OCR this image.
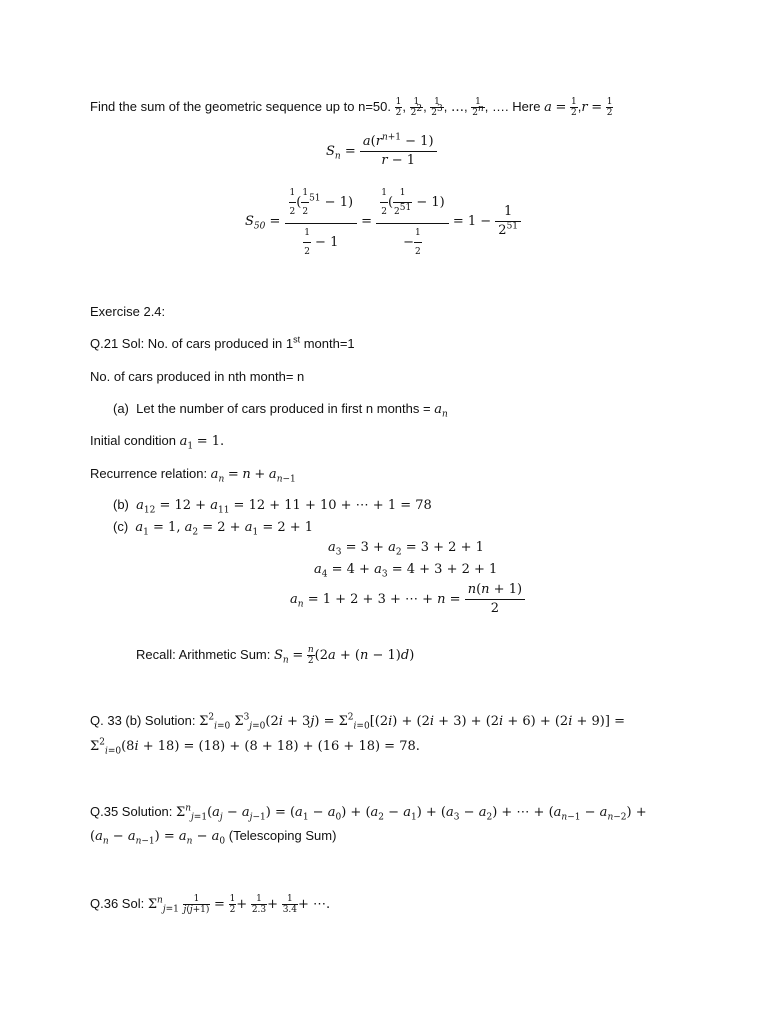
Find the sum of the geometric sequence up to n=50. $\frac{1}{2}$ , $\frac{1}{2^2}$ , $\frac{1}{2^3}$ , …, $\frac{1}{2^n}$ , …. Here $a = \frac{1}{2} ,r = \frac{1}{2}$
$S_n = \frac{a(r^{n+1} - 1)}{r - 1}$
$S_{50} = \frac{\frac{1}{2} ( \frac{1}{2} ^{51} - 1)}{\frac{1}{2} - 1} = \frac{\frac{1}{2} ( \frac{1}{2^{51}} - 1)}{- \frac{1}{2}} = 1 - \frac{1}{2^{51}}$
Exercise 2.4:
Q.21 Sol: No. of cars produced in 1st month=1
No. of cars produced in nth month= n
(a)  Let the number of cars produced in first n months = $a_n$
Initial condition $a_1 = 1$.
Recurrence relation: $a_n = n + a_{n-1}$
(b)  $a_{12} = 12 + a_{11} = 12 + 11 + 10$ + ⋯ + 1 = 78
(c)  $a_1 = 1$, $a_2 = 2 + a_1 = 2 + 1$
$a_3 = 3 + a_2 = 3 + 2 + 1$
$a_4 = 4 + a_3 = 4 + 3 + 2 + 1$
$a_n = 1 + 2 + 3$ + ⋯ + $n = \frac{n(n + 1)}{2}$
Recall: Arithmetic Sum: $S_n = \frac{n}{2} (2a + (n - 1)d)$
Q. 33 (b) Solution: $\Sigma^2_{i=0}$ $\Sigma^3_{j=0}(2i + 3j) = \Sigma^2_{i=0}[(2i) + (2i + 3) + (2i + 6) + (2i + 9)]$ =
$\Sigma^2_{i=0}(8i + 18) = (18) + (8 + 18) + (16 + 18) = 78$.
Q.35 Solution: $\Sigma^n_{j=1}(a_j - a_{j-1}) = (a_1 - a_0) + (a_2 - a_1) + (a_3 - a_2)$ + ⋯ + $(a_{n-1} - a_{n-2})$ +
$(a_n - a_{n-1}) = a_n - a_0$ (Telescoping Sum)
Q.36 Sol: $\Sigma^n_{j=1} \frac{1}{j(j+1)} = \frac{1}{2} + \frac{1}{2.3} + \frac{1}{3.4}$ + ⋯.
